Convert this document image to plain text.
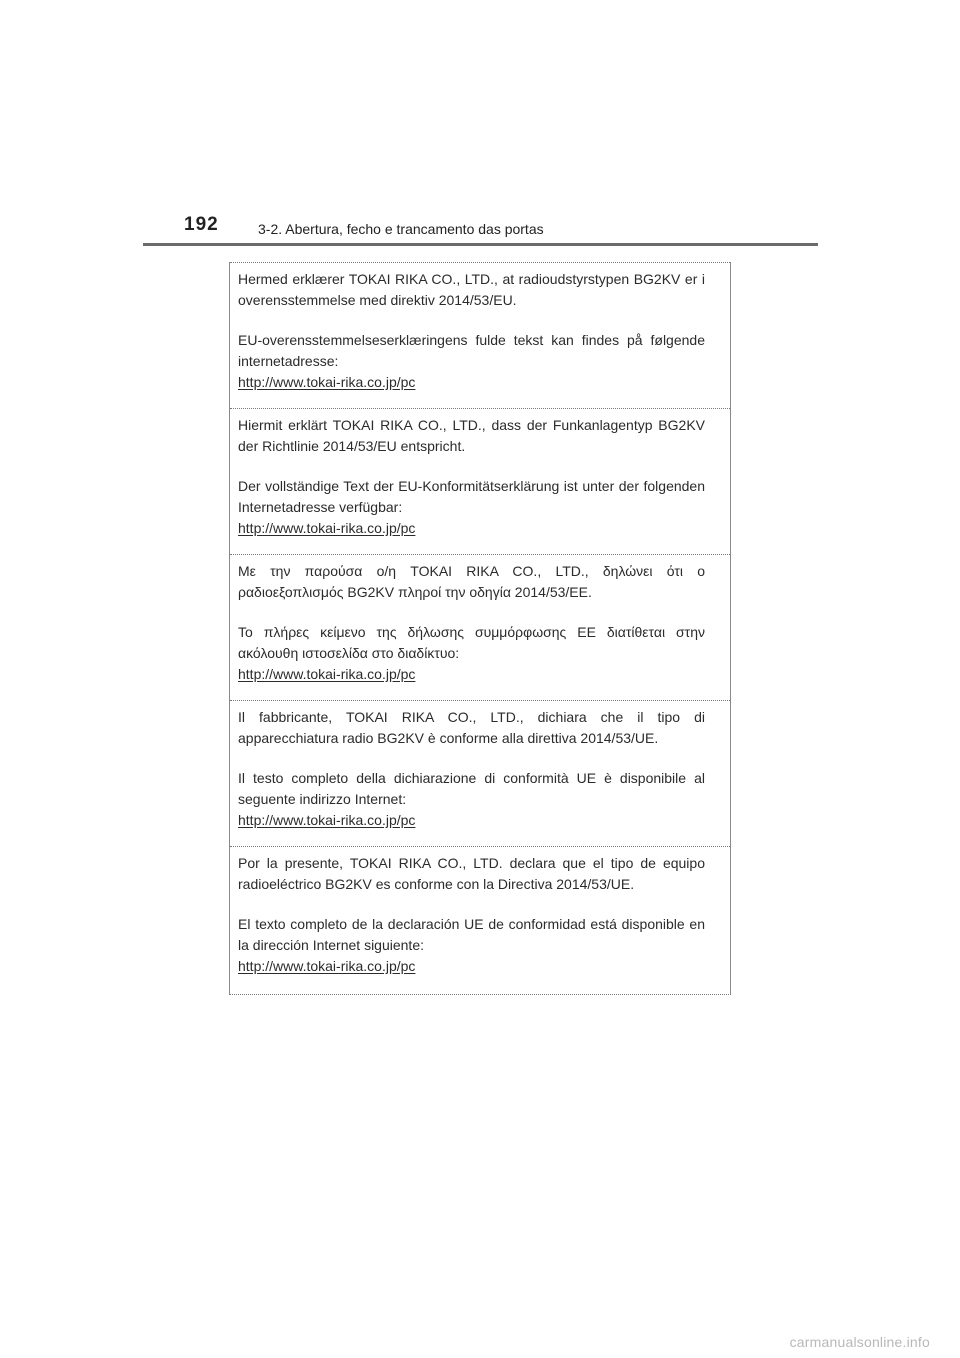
192	3-2. Abertura, fecho e trancamento das portas

Hermed erklærer TOKAI RIKA CO., LTD., at radioudstyrstypen BG2KV er i overensstemmelse med direktiv 2014/53/EU.

EU-overensstemmelseserklæringens fulde tekst kan findes på følgende internetadresse:

http://www.tokai-rika.co.jp/pc

Hiermit erklärt TOKAI RIKA CO., LTD., dass der Funkanlagentyp BG2KV der Richtlinie 2014/53/EU entspricht.

Der vollständige Text der EU-Konformitätserklärung ist unter der folgenden Internetadresse verfügbar:

http://www.tokai-rika.co.jp/pc

Με την παρούσα ο/η TOKAI RIKA CO., LTD., δηλώνει ότι ο ραδιοεξοπλισμός BG2KV πληροί την οδηγία 2014/53/ΕΕ.

Το πλήρες κείμενο της δήλωσης συμμόρφωσης ΕΕ διατίθεται στην ακόλουθη ιστοσελίδα στο διαδίκτυο:

http://www.tokai-rika.co.jp/pc

Il fabbricante, TOKAI RIKA CO., LTD., dichiara che il tipo di apparecchiatura radio BG2KV è conforme alla direttiva 2014/53/UE.

Il testo completo della dichiarazione di conformità UE è disponibile al seguente indirizzo Internet:

http://www.tokai-rika.co.jp/pc

Por la presente, TOKAI RIKA CO., LTD. declara que el tipo de equipo radioeléctrico BG2KV es conforme con la Directiva 2014/53/UE.

El texto completo de la declaración UE de conformidad está disponible en la dirección Internet siguiente:

http://www.tokai-rika.co.jp/pc
carmanualsonline.info
